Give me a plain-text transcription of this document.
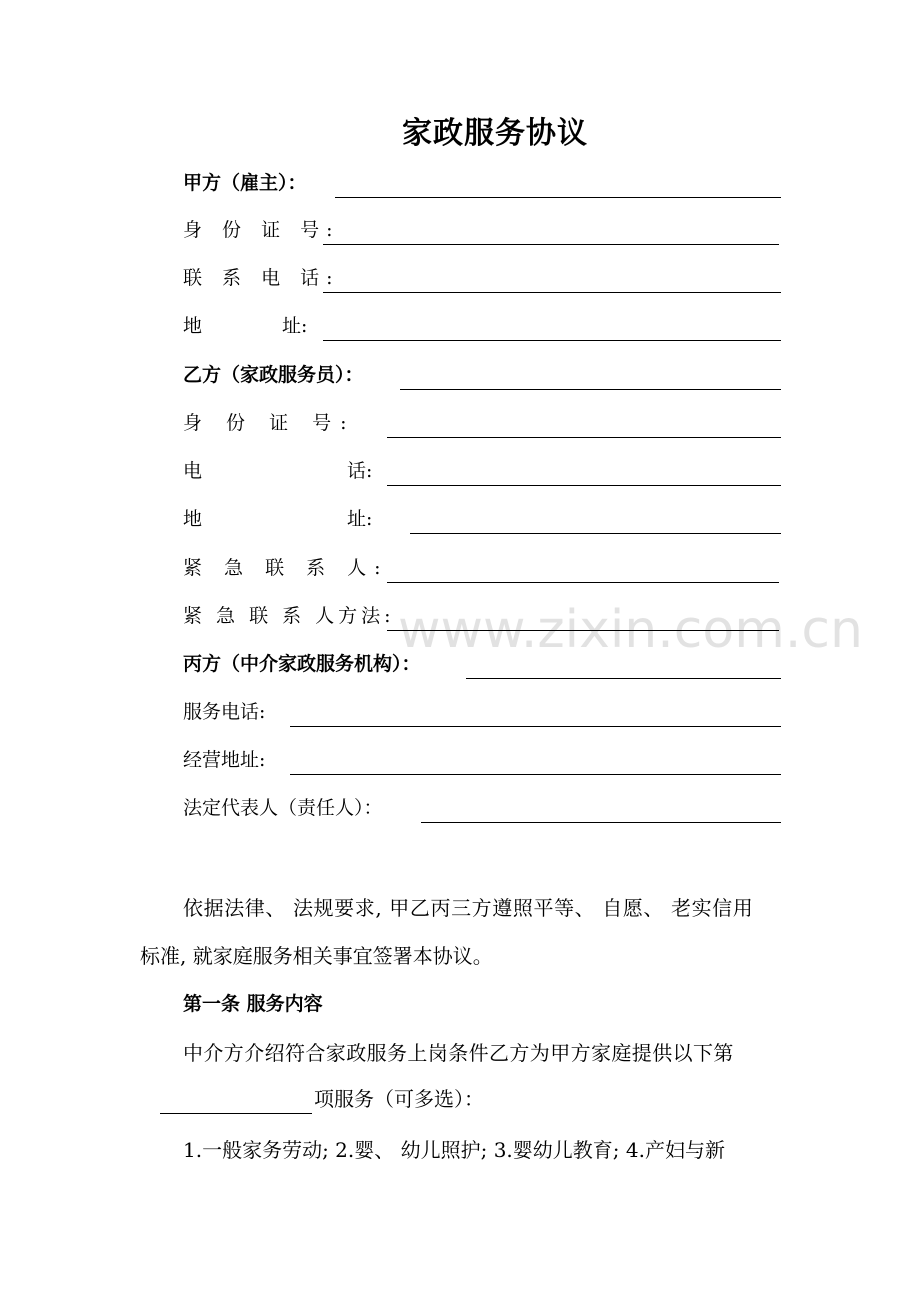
www.zixin.com.cn
家政服务协议
甲方（雇主）：
身 份 证 号:
联 系 电 话:
地	址:
乙方（家政服务员）：
身 份 证 号:
电	话:
地	址:
紧 急 联 系 人:
紧 急 联 系 人方法:
丙方（中介家政服务机构）：
服务电话:
经营地址:
法定代表人（责任人）：
依据法律、 法规要求, 甲乙丙三方遵照平等、 自愿、 老实信用
标准, 就家庭服务相关事宜签署本协议。
第一条 服务内容
中介方介绍符合家政服务上岗条件乙方为甲方家庭提供以下第
项服务（可多选）：
1.一般家务劳动; 2.婴、 幼儿照护; 3.婴幼儿教育; 4.产妇与新
